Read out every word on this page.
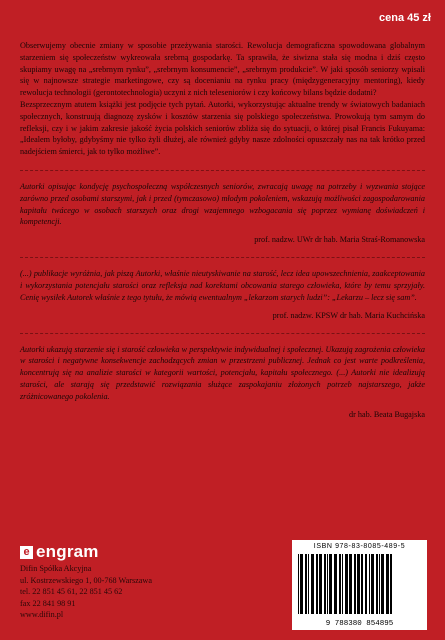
cena 45 zł

Obserwujemy obecnie zmiany w sposobie przeżywania starości. Rewolucja demograficzna spowodowana globalnym starzeniem się społeczeństw wykreowała srebrną gospodarkę. Ta sprawiła, że siwizna stała się modna i dziś często skupiamy uwagę na „srebrnym rynku”, „srebrnym konsumencie”, „srebrnym produkcie”. W jaki sposób seniorzy wpisali się w najnowsze strategie marketingowe, czy są docenianiu na rynku pracy (międzygeneracyjny mentoring), kiedy rewolucja technologii (gerontotechnologia) uczyni z nich teleseniorów i czy końcowy bilans będzie dodatni?

Bezsprzecznym atutem książki jest podjęcie tych pytań. Autorki, wykorzystując aktualne trendy w światowych badaniach społecznych, konstruują diagnozę zysków i kosztów starzenia się polskiego społeczeństwa. Prowokują tym samym do refleksji, czy i w jakim zakresie jakość życia polskich seniorów zbliża się do sytuacji, o której pisał Francis Fukuyama: „Idealem byłoby, gdybyśmy nie tylko żyli dłużej, ale również gdyby nasze zdolności opuszczały nas na tak krótko przed nadejściem śmierci, jak to tylko możliwe”.

Autorki opisując kondycję psychospołeczną współczesnych seniorów, zwracają uwagę na potrzeby i wyzwania stojące zarówno przed osobami starszymi, jak i przed (tymczasowo) młodym pokoleniem, wskazują możliwości zagospodarowania kapitału twácego w osobach starszych oraz drogi wzajemnego wzbogacania się poprzez wymianę doświadczeń i kompetencji.

prof. nadzw. UWr dr hab. Maria Straś-Romanowska

(...) publikacje wyróżnia, jak piszą Autorki, właśnie nieutyskiwanie na starość, lecz idea upowszechnienia, zaakceptowania i wykorzystania potencjału starości oraz refleksja nad korektami obcowania starego człowieka, które by temu sprzyjały. Cenię wysiłek Autorek właśnie z tego tytułu, że mówią ewentualnym „lekarzom starych ludzi”: „Lekarzu – lecz się sam”.

prof. nadzw. KPSW dr hab. Maria Kuchcińska

Autorki ukazują starzenie się i starość człowieka w perspektywie indywidualnej i społecznej. Ukazują zagrożenia człowieka w starości i negatywne konsekwencje zachodzących zmian w przestrzeni publicznej. Jednak co jest warte podkreślenia, koncentrują się na analizie starości w kategorii wartości, potencjału, kapitału społecznego. (...) Autorki nie idealizują starości, ale starają się przedstawić rozwiązania służące zaspokajaniu złożonych potrzeb najstarszego, jakże zróżnicowanego pokolenia.

dr hab. Beata Bugajska

e engram
Difin Spółka Akcyjna
ul. Kostrzewskiego 1, 00-768 Warszawa
tel. 22 851 45 61, 22 851 45 62
fax 22 841 98 91
www.difin.pl
ISBN 978-83-8085-489-5
9 788380 854895
